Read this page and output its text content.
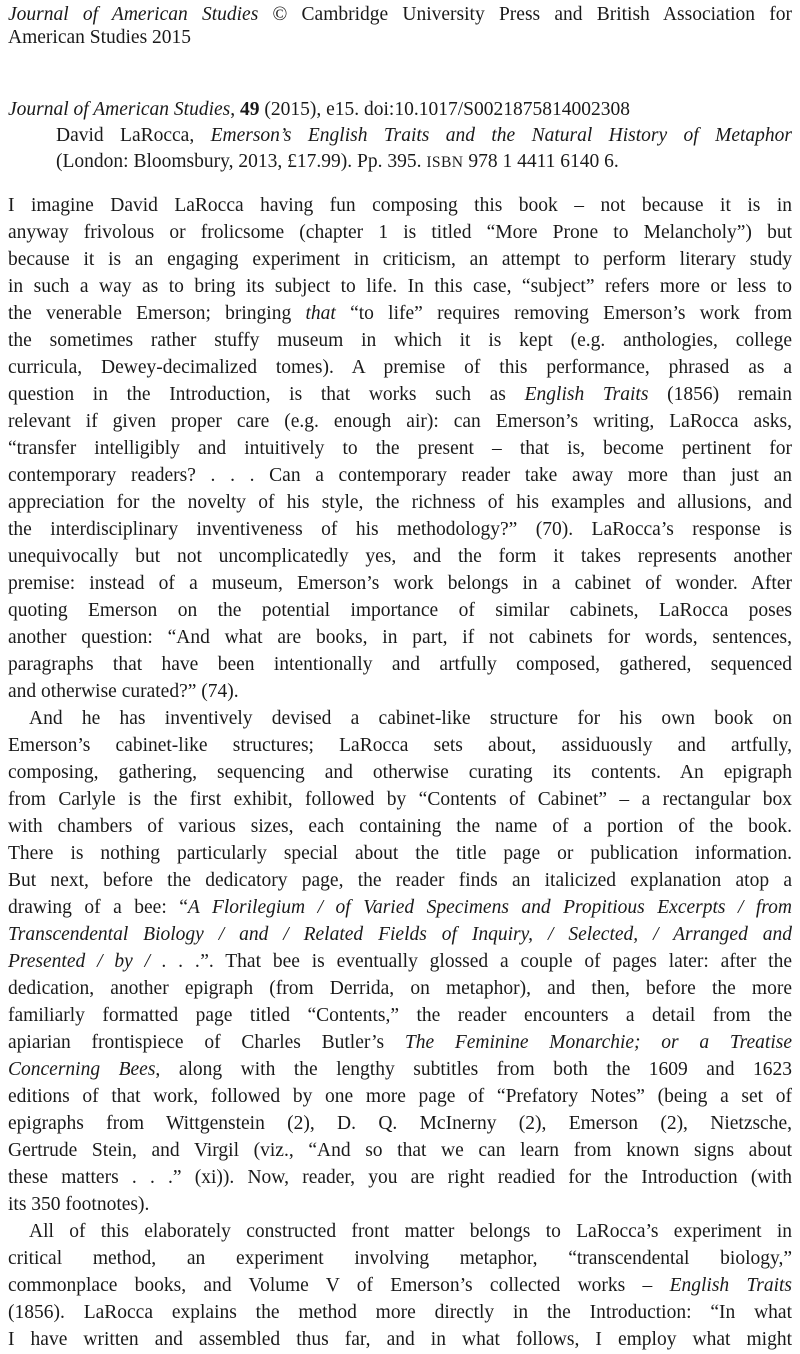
Journal of American Studies © Cambridge University Press and British Association for
American Studies 2015
Journal of American Studies, 49 (2015), e15. doi:10.1017/S0021875814002308
David LaRocca, Emerson’s English Traits and the Natural History of Metaphor
(London: Bloomsbury, 2013, £17.99). Pp. 395. ISBN 978 1 4411 6140 6.
I imagine David LaRocca having fun composing this book – not because it is in
anyway frivolous or frolicsome (chapter 1 is titled “More Prone to Melancholy”) but
because it is an engaging experiment in criticism, an attempt to perform literary study
in such a way as to bring its subject to life. In this case, “subject” refers more or less to
the venerable Emerson; bringing that “to life” requires removing Emerson’s work from
the sometimes rather stuffy museum in which it is kept (e.g. anthologies, college
curricula, Dewey-decimalized tomes). A premise of this performance, phrased as a
question in the Introduction, is that works such as English Traits (1856) remain
relevant if given proper care (e.g. enough air): can Emerson’s writing, LaRocca asks,
“transfer intelligibly and intuitively to the present – that is, become pertinent for
contemporary readers? . . . Can a contemporary reader take away more than just an
appreciation for the novelty of his style, the richness of his examples and allusions, and
the interdisciplinary inventiveness of his methodology?” (70). LaRocca’s response is
unequivocally but not uncomplicatedly yes, and the form it takes represents another
premise: instead of a museum, Emerson’s work belongs in a cabinet of wonder. After
quoting Emerson on the potential importance of similar cabinets, LaRocca poses
another question: “And what are books, in part, if not cabinets for words, sentences,
paragraphs that have been intentionally and artfully composed, gathered, sequenced
and otherwise curated?” (74).
And he has inventively devised a cabinet-like structure for his own book on
Emerson’s cabinet-like structures; LaRocca sets about, assiduously and artfully,
composing, gathering, sequencing and otherwise curating its contents. An epigraph
from Carlyle is the first exhibit, followed by “Contents of Cabinet” – a rectangular box
with chambers of various sizes, each containing the name of a portion of the book.
There is nothing particularly special about the title page or publication information.
But next, before the dedicatory page, the reader finds an italicized explanation atop a
drawing of a bee: “A Florilegium / of Varied Specimens and Propitious Excerpts / from
Transcendental Biology / and / Related Fields of Inquiry, / Selected, / Arranged and
Presented / by / . . .”. That bee is eventually glossed a couple of pages later: after the
dedication, another epigraph (from Derrida, on metaphor), and then, before the more
familiarly formatted page titled “Contents,” the reader encounters a detail from the
apiarian frontispiece of Charles Butler’s The Feminine Monarchie; or a Treatise
Concerning Bees, along with the lengthy subtitles from both the 1609 and 1623
editions of that work, followed by one more page of “Prefatory Notes” (being a set of
epigraphs from Wittgenstein (2), D. Q. McInerny (2), Emerson (2), Nietzsche,
Gertrude Stein, and Virgil (viz., “And so that we can learn from known signs about
these matters . . .” (xi)). Now, reader, you are right readied for the Introduction (with
its 350 footnotes).
All of this elaborately constructed front matter belongs to LaRocca’s experiment in
critical method, an experiment involving metaphor, “transcendental biology,”
commonplace books, and Volume V of Emerson’s collected works – English Traits
(1856). LaRocca explains the method more directly in the Introduction: “In what
I have written and assembled thus far, and in what follows, I employ what might
